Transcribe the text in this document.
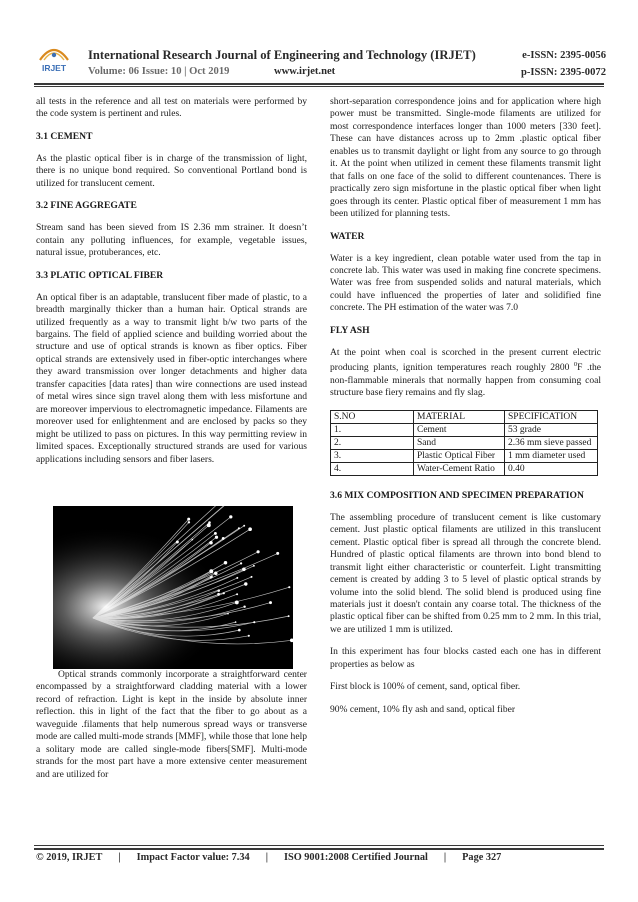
IRJET
International Research Journal of Engineering and Technology (IRJET)
Volume: 06 Issue: 10 | Oct 2019	www.irjet.net
e-ISSN: 2395-0056
p-ISSN: 2395-0072

all tests in the reference and all test on materials were performed by the code system is pertinent and rules.

3.1 CEMENT

As the plastic optical fiber is in charge of the transmission of light, there is no unique bond required. So conventional Portland bond is utilized for translucent cement.

3.2 FINE AGGREGATE

Stream sand has been sieved from IS 2.36 mm strainer. It doesn’t contain any polluting influences, for example, vegetable issues, natural issue, protuberances, etc.

3.3 PLATIC OPTICAL FIBER

An optical fiber is an adaptable, translucent fiber made of plastic, to a breadth marginally thicker than a human hair. Optical strands are utilized frequently as a way to transmit light b/w two parts of the bargains. The field of applied science and building worried about the structure and use of optical strands is known as fiber optics. Fiber optical strands are extensively used in fiber-optic interchanges where they award transmission over longer detachments and higher data transfer capacities [data rates] than wire connections are used instead of metal wires since sign travel along them with less misfortune and are moreover impervious to electromagnetic impedance. Filaments are moreover used for enlightenment and are enclosed by packs so they might be utilized to pass on pictures. In this way permitting review in limited spaces. Exceptionally structured strands are used for various applications including sensors and fiber lasers.

Optical strands commonly incorporate a straightforward center encompassed by a straightforward cladding material with a lower record of refraction. Light is kept in the inside by absolute inner reflection. this in light of the fact that the fiber to go about as a waveguide .filaments that help numerous spread ways or transverse mode are called multi-mode strands [MMF], while those that lone help a solitary mode are called single-mode fibers[SMF]. Multi-mode strands for the most part have a more extensive center measurement and are utilized for

short-separation correspondence joins and for application where high power must be transmitted. Single-mode filaments are utilized for most correspondence interfaces longer than 1000 meters [330 feet]. These can have distances across up to 2mm .plastic optical fiber enables us to transmit daylight or light from any source to go through it. At the point when utilized in cement these filaments transmit light that falls on one face of the solid to different countenances. There is practically zero sign misfortune in the plastic optical fiber when light goes through its center. Plastic optical fiber of measurement 1 mm has been utilized for planning tests.

WATER

Water is a key ingredient, clean potable water used from the tap in concrete lab. This water was used in making fine concrete specimens. Water was free from suspended solids and natural materials, which could have influenced the properties of later and solidified fine concrete. The PH estimation of the water was 7.0

FLY ASH

At the point when coal is scorched in the present current electric producing plants, ignition temperatures reach roughly 2800 $^0$F .the non-flammable minerals that normally happen from consuming coal structure base fiery remains and fly slag.

S.NO	MATERIAL	SPECIFICATION
1.	Cement	53 grade
2.	Sand	2.36 mm sieve passed
3.	Plastic Optical Fiber	1 mm diameter used
4.	Water-Cement Ratio	0.40
3.6 MIX COMPOSITION AND SPECIMEN PREPARATION

The assembling procedure of translucent cement is like customary cement. Just plastic optical filaments are utilized in this translucent cement. Plastic optical fiber is spread all through the concrete blend. Hundred of plastic optical filaments are thrown into bond blend to transmit light either characteristic or counterfeit. Light transmitting cement is created by adding 3 to 5 level of plastic optical strands by volume into the solid blend. The solid blend is produced using fine materials just it doesn't contain any coarse total. The thickness of the plastic optical fiber can be shifted from 0.25 mm to 2 mm. In this trial, we are utilized 1 mm is utilized.

In this experiment has four blocks casted each one has in different properties as below as

First block is 100% of cement, sand, optical fiber.

90% cement, 10% fly ash and sand, optical fiber

© 2019, IRJET | Impact Factor value: 7.34 | ISO 9001:2008 Certified Journal | Page 327
